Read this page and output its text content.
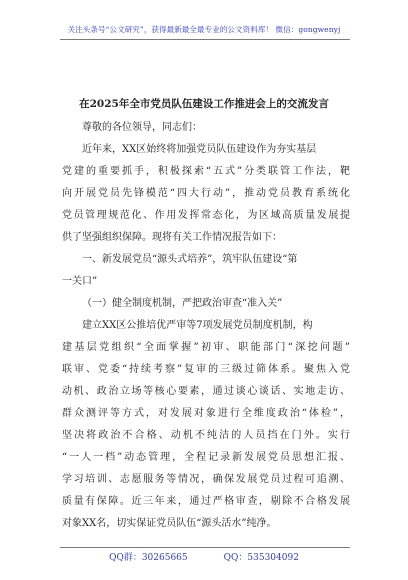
关注头条号“公文研究”，获得最新最全最专业的公文资料库！ 微信：gongwenyj
在2025年全市党员队伍建设工作推进会上的交流发言
尊敬的各位领导，同志们：
近年来，XX区始终将加强党员队伍建设作为夯实基层
党建的重要抓手，积极探索“五式”分类联管工作法，靶
向开展党员先锋模范“四大行动”，推动党员教育系统化
党员管理规范化、作用发挥常态化，为区域高质量发展提
供了坚强组织保障。现将有关工作情况报告如下：
一、新发展党员“源头式培养”，筑牢队伍建设“第
一关口”
（一）健全制度机制，严把政治审查“准入关”
建立XX区公推培优严审等7项发展党员制度机制，构
建基层党组织“全面掌握”初审、职能部门“深挖问题”
联审、党委“持续考察”复审的三级过筛体系。聚焦入党
动机、政治立场等核心要素，通过谈心谈话、实地走访、
群众测评等方式，对发展对象进行全维度政治“体检”，
坚决将政治不合格、动机不纯洁的人员挡在门外。实行
“一人一档”动态管理，全程记录新发展党员思想汇报、
学习培训、志愿服务等情况，确保发展党员过程可追溯、
质量有保障。近三年来，通过严格审查，剔除不合格发展
对象XX名，切实保证党员队伍“源头活水”纯净。
QQ群：30265665	QQ：535304092
